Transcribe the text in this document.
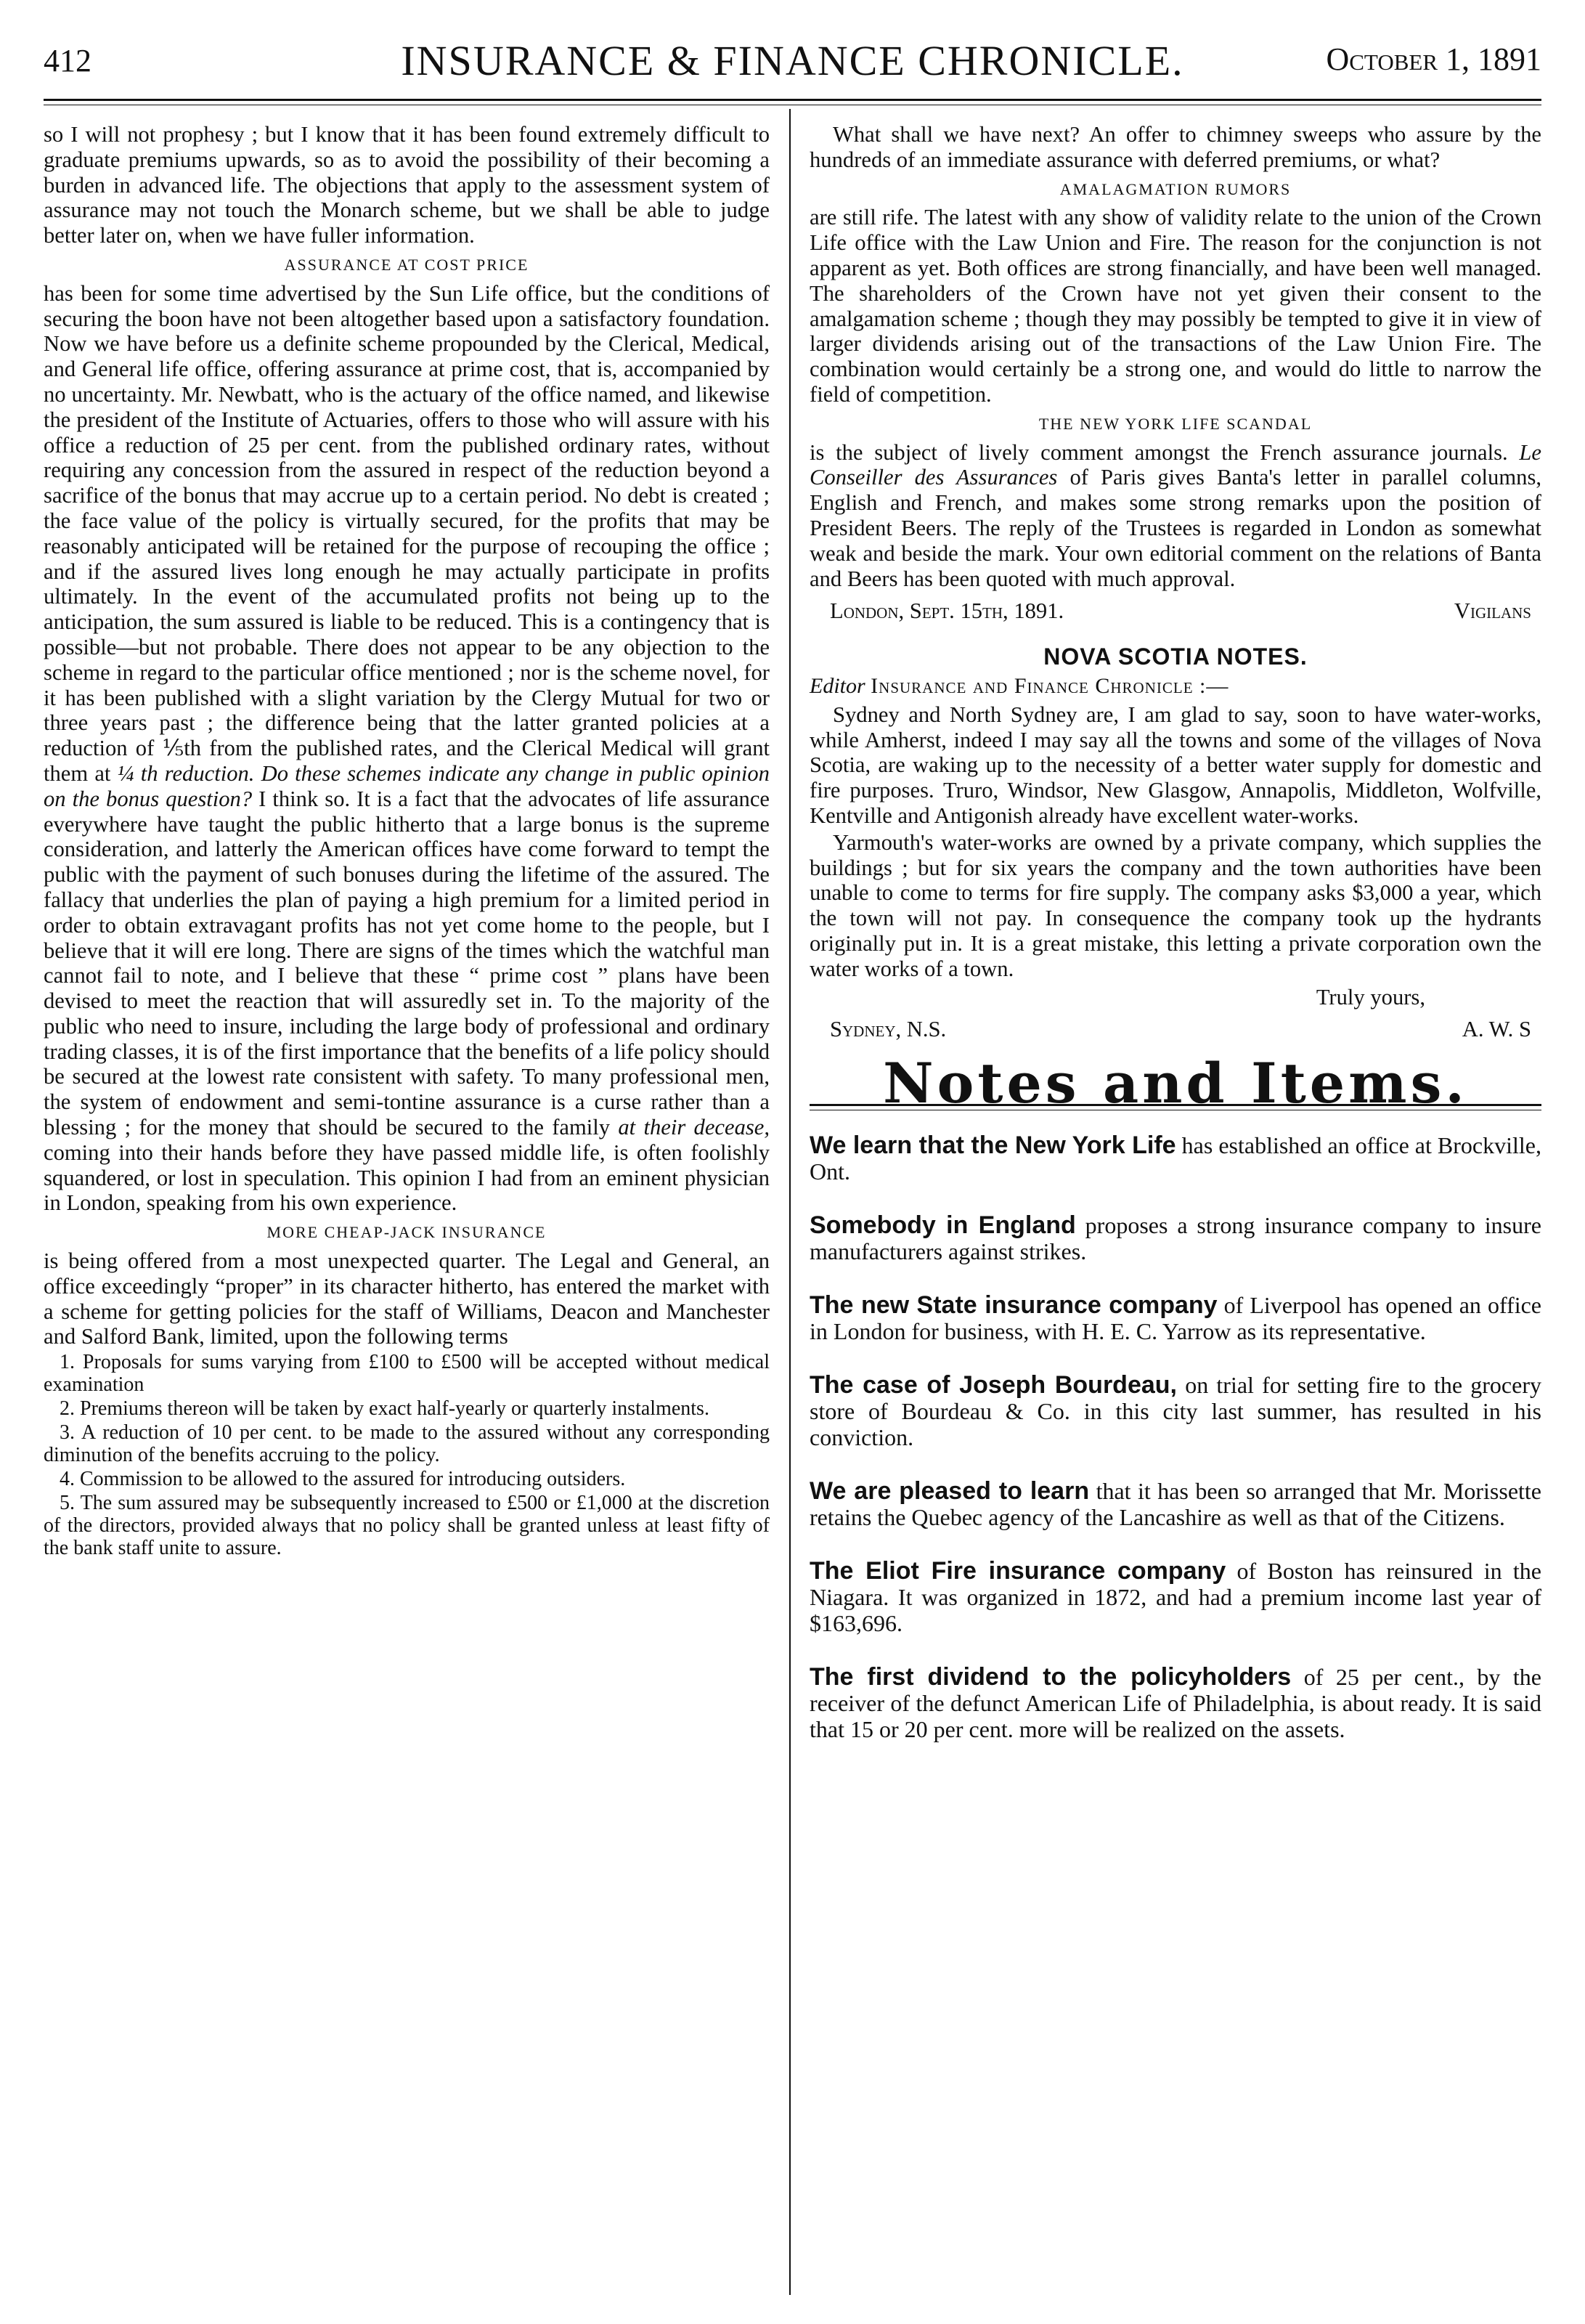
412	INSURANCE & FINANCE CHRONICLE.	October 1, 1891

so I will not prophesy ; but I know that it has been found extremely difficult to graduate premiums upwards, so as to avoid the possibility of their becoming a burden in advanced life. The objections that apply to the assessment system of assurance may not touch the Monarch scheme, but we shall be able to judge better later on, when we have fuller information.

ASSURANCE AT COST PRICE

has been for some time advertised by the Sun Life office, but the conditions of securing the boon have not been altogether based upon a satisfactory foundation. Now we have before us a definite scheme propounded by the Clerical, Medical, and General life office, offering assurance at prime cost, that is, accompanied by no uncertainty. Mr. Newbatt, who is the actuary of the office named, and likewise the president of the Institute of Actuaries, offers to those who will assure with his office a reduction of 25 per cent. from the published ordinary rates, without requiring any concession from the assured in respect of the reduction beyond a sacrifice of the bonus that may accrue up to a certain period. No debt is created ; the face value of the policy is virtually secured, for the profits that may be reasonably anticipated will be retained for the purpose of recouping the office ; and if the assured lives long enough he may actually participate in profits ultimately. In the event of the accumulated profits not being up to the anticipation, the sum assured is liable to be reduced. This is a contingency that is possible—but not probable. There does not appear to be any objection to the scheme in regard to the particular office mentioned ; nor is the scheme novel, for it has been published with a slight variation by the Clergy Mutual for two or three years past ; the difference being that the latter granted policies at a reduction of ⅕th from the published rates, and the Clerical Medical will grant them at ¼ th reduction. Do these schemes indicate any change in public opinion on the bonus question? I think so. It is a fact that the advocates of life assurance everywhere have taught the public hitherto that a large bonus is the supreme consideration, and latterly the American offices have come forward to tempt the public with the payment of such bonuses during the lifetime of the assured. The fallacy that underlies the plan of paying a high premium for a limited period in order to obtain extravagant profits has not yet come home to the people, but I believe that it will ere long. There are signs of the times which the watchful man cannot fail to note, and I believe that these “ prime cost ” plans have been devised to meet the reaction that will assuredly set in. To the majority of the public who need to insure, including the large body of professional and ordinary trading classes, it is of the first importance that the benefits of a life policy should be secured at the lowest rate consistent with safety. To many professional men, the system of endowment and semi-tontine assurance is a curse rather than a blessing ; for the money that should be secured to the family at their decease, coming into their hands before they have passed middle life, is often foolishly squandered, or lost in speculation. This opinion I had from an eminent physician in London, speaking from his own experience.

MORE CHEAP-JACK INSURANCE

is being offered from a most unexpected quarter. The Legal and General, an office exceedingly “proper” in its character hitherto, has entered the market with a scheme for getting policies for the staff of Williams, Deacon and Manchester and Salford Bank, limited, upon the following terms

1. Proposals for sums varying from £100 to £500 will be accepted without medical examination

2. Premiums thereon will be taken by exact half-yearly or quarterly instalments.

3. A reduction of 10 per cent. to be made to the assured without any corresponding diminution of the benefits accruing to the policy.

4. Commission to be allowed to the assured for introducing outsiders.

5. The sum assured may be subsequently increased to £500 or £1,000 at the discretion of the directors, provided always that no policy shall be granted unless at least fifty of the bank staff unite to assure.

What shall we have next? An offer to chimney sweeps who assure by the hundreds of an immediate assurance with deferred premiums, or what?

AMALAGMATION RUMORS

are still rife. The latest with any show of validity relate to the union of the Crown Life office with the Law Union and Fire. The reason for the conjunction is not apparent as yet. Both offices are strong financially, and have been well managed. The shareholders of the Crown have not yet given their consent to the amalgamation scheme ; though they may possibly be tempted to give it in view of larger dividends arising out of the transactions of the Law Union Fire. The combination would certainly be a strong one, and would do little to narrow the field of competition.

THE NEW YORK LIFE SCANDAL

is the subject of lively comment amongst the French assurance journals. Le Conseiller des Assurances of Paris gives Banta's letter in parallel columns, English and French, and makes some strong remarks upon the position of President Beers. The reply of the Trustees is regarded in London as somewhat weak and beside the mark. Your own editorial comment on the relations of Banta and Beers has been quoted with much approval.

London, Sept. 15th, 1891.	Vigilans
NOVA SCOTIA NOTES.

Editor Insurance and Finance Chronicle :—

Sydney and North Sydney are, I am glad to say, soon to have water-works, while Amherst, indeed I may say all the towns and some of the villages of Nova Scotia, are waking up to the necessity of a better water supply for domestic and fire purposes. Truro, Windsor, New Glasgow, Annapolis, Middleton, Wolfville, Kentville and Antigonish already have excellent water-works.

Yarmouth's water-works are owned by a private company, which supplies the buildings ; but for six years the company and the town authorities have been unable to come to terms for fire supply. The company asks $3,000 a year, which the town will not pay. In consequence the company took up the hydrants originally put in. It is a great mistake, this letting a private corporation own the water works of a town.

Truly yours,

Sydney, N.S.	A. W. S
Notes and Items.

We learn that the New York Life has established an office at Brockville, Ont.

Somebody in England proposes a strong insurance company to insure manufacturers against strikes.

The new State insurance company of Liverpool has opened an office in London for business, with H. E. C. Yarrow as its representative.

The case of Joseph Bourdeau, on trial for setting fire to the grocery store of Bourdeau & Co. in this city last summer, has resulted in his conviction.

We are pleased to learn that it has been so arranged that Mr. Morissette retains the Quebec agency of the Lancashire as well as that of the Citizens.

The Eliot Fire insurance company of Boston has reinsured in the Niagara. It was organized in 1872, and had a premium income last year of $163,696.

The first dividend to the policyholders of 25 per cent., by the receiver of the defunct American Life of Philadelphia, is about ready. It is said that 15 or 20 per cent. more will be realized on the assets.
